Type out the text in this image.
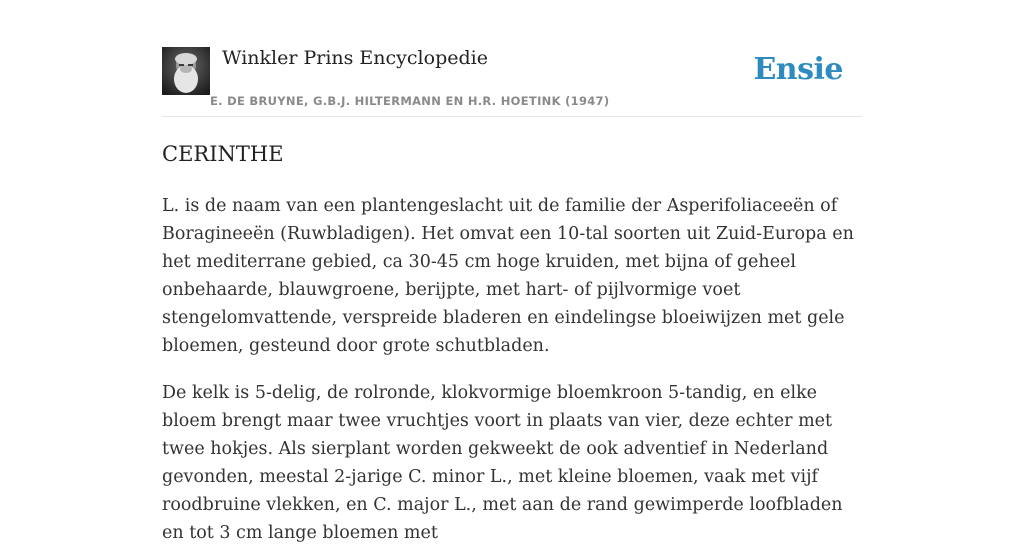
Winkler Prins Encyclopedie
E. DE BRUYNE, G.B.J. HILTERMANN EN H.R. HOETINK (1947)
Ensie
CERINTHE

L. is de naam van een plantengeslacht uit de familie der Asperifoliaceeën of Boragineeën (Ruwbladigen). Het omvat een 10-tal soorten uit Zuid-Europa en het mediterrane gebied, ca 30-45 cm hoge kruiden, met bijna of geheel onbehaarde, blauwgroene, berijpte, met hart- of pijlvormige voet stengelomvattende, verspreide bladeren en eindelingse bloeiwijzen met gele bloemen, gesteund door grote schutbladen.

De kelk is 5-delig, de rolronde, klokvormige bloemkroon 5-tandig, en elke bloem brengt maar twee vruchtjes voort in plaats van vier, deze echter met twee hokjes. Als sierplant worden gekweekt de ook adventief in Nederland gevonden, meestal 2-jarige C. minor L., met kleine bloemen, vaak met vijf roodbruine vlekken, en C. major L., met aan de rand gewimperde loofbladen en tot 3 cm lange bloemen met
